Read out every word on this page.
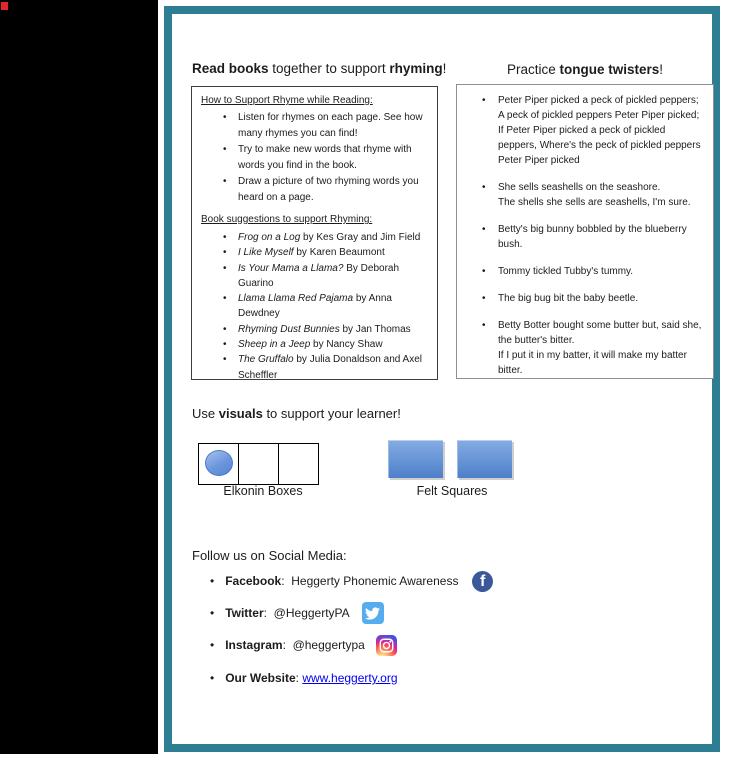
Read books together to support rhyming!	Practice tongue twisters!
How to Support Rhyme while Reading:
• Listen for rhymes on each page. See how many rhymes you can find!
• Try to make new words that rhyme with words you find in the book.
• Draw a picture of two rhyming words you heard on a page.
Book suggestions to support Rhyming:
• Frog on a Log by Kes Gray and Jim Field
• I Like Myself by Karen Beaumont
• Is Your Mama a Llama? By Deborah Guarino
• Llama Llama Red Pajama by Anna Dewdney
• Rhyming Dust Bunnies by Jan Thomas
• Sheep in a Jeep by Nancy Shaw
• The Gruffalo by Julia Donaldson and Axel Scheffler
• Peter Piper picked a peck of pickled peppers;
A peck of pickled peppers Peter Piper picked;
If Peter Piper picked a peck of pickled peppers, Where's the peck of pickled peppers Peter Piper picked
• She sells seashells on the seashore.
The shells she sells are seashells, I'm sure.
• Betty's big bunny bobbled by the blueberry bush.
• Tommy tickled Tubby's tummy.
• The big bug bit the baby beetle.
• Betty Botter bought some butter but, said she, the butter's bitter.
If I put it in my batter, it will make my batter bitter.
Use visuals to support your learner!
Elkonin Boxes	Felt Squares
Follow us on Social Media:
• Facebook : Heggerty Phonemic Awareness f
• Twitter : @HeggertyPA
• Instagram : @heggertypa
• Our Website : www.heggerty.org
